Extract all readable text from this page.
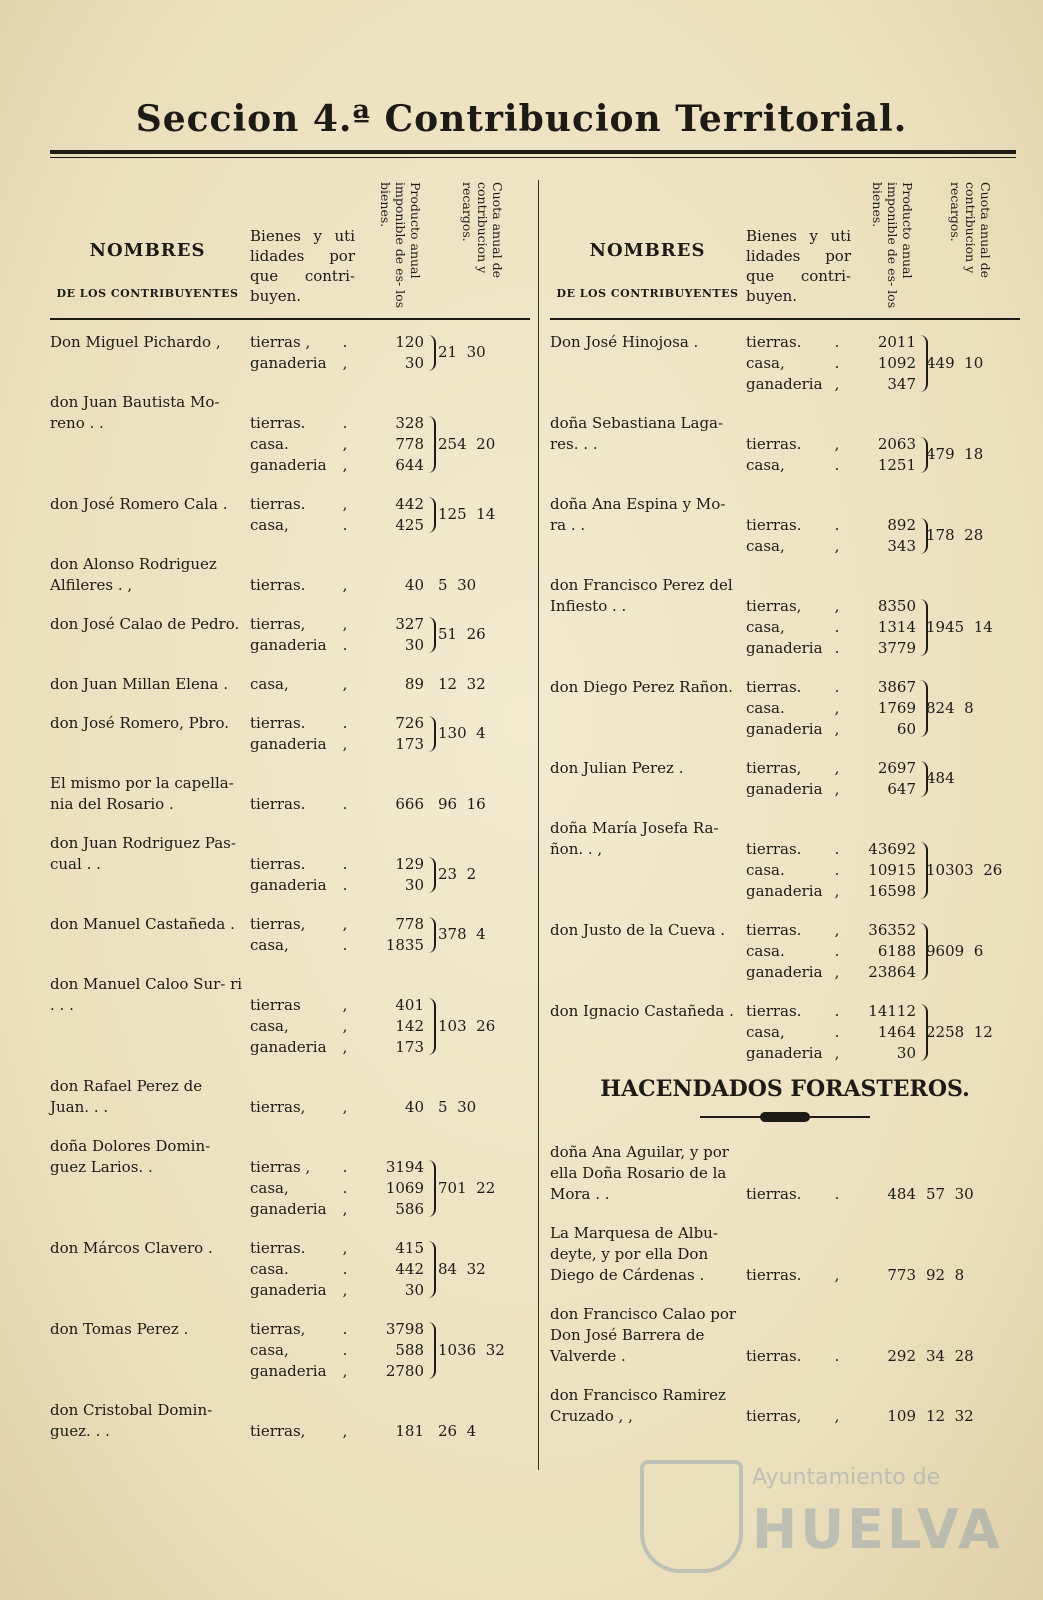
Seccion 4.ª Contribucion Territorial.
NOMBRES
DE LOS CONTRIBUYENTES
Bienes y uti lidades por que contri- buyen.
Producto anual imponible de es- los bienes.	Cuota anual de contribucion y recargos.
Don Miguel Pichardo ,	tierras ,	.	120
ganaderia	,	30
21  30
don Juan Bautista Mo- reno . .	tierras.	.	328
casa.	,	778
ganaderia	,	644
254  20
don José Romero Cala .	tierras.	,	442
casa,	.	425
125  14
don Alonso Rodriguez Alfileres . ,	tierras.	,	40 5  30
don José Calao de Pedro. tierras,	,	327
ganaderia	.	30
51  26
don Juan Millan Elena .	casa,	,	89 12  32
don José Romero, Pbro.	tierras.	.	726
ganaderia	,	173
130  4
El mismo por la capella- nia del Rosario .	tierras.	.	666 96  16
don Juan Rodriguez Pas- cual . .	tierras.	.	129
ganaderia	.	30
23  2
don Manuel Castañeda .	tierras,	,	778
casa,	.	1835
378  4
don Manuel Caloo Sur- ri . . .	tierras	,	401
casa,	,	142
ganaderia	,	173
103  26
don Rafael Perez de Juan. . .	tierras,	,	40 5  30
doña Dolores Domin- guez Larios. .	tierras ,	.	3194
casa,	.	1069
ganaderia	,	586
701  22
don Márcos Clavero .	tierras.	,	415
casa.	.	442
ganaderia	,	30
84  32
don Tomas Perez .	tierras,	.	3798
casa,	.	588
ganaderia	,	2780
1036  32
don Cristobal Domin- guez. . .	tierras,	,	181 26  4
NOMBRES
DE LOS CONTRIBUYENTES
Bienes y uti lidades por que contri- buyen.
Producto anual imponible de es- los bienes.	Cuota anual de contribucion y recargos.
Don José Hinojosa .	tierras.	.	2011
casa,	.	1092
ganaderia ,	347
449  10
doña Sebastiana Laga- res. . .	tierras.	,	2063
casa,	.	1251
479  18
doña Ana Espina y Mo- ra . .	tierras.	.	892
casa,	,	343
178  28
don Francisco Perez del Infiesto . .	tierras,	,	8350
casa,	.	1314
ganaderia .	3779
1945  14
don Diego Perez Rañon. tierras.	.	3867
casa.	,	1769
ganaderia ,	60
824  8
don Julian Perez .	tierras,	,	2697
ganaderia ,	647
484
doña María Josefa Ra- ñon. . ,	tierras.	.	43692
casa.	.	10915
ganaderia ,	16598
10303  26
don Justo de la Cueva .	tierras.	,	36352
casa.	.	6188
ganaderia ,	23864
9609  6
don Ignacio Castañeda . tierras.	.	14112
casa,	.	1464
ganaderia ,	30
2258  12
HACENDADOS FORASTEROS.
doña Ana Aguilar, y por ella Doña Rosario de la Mora . .	tierras.	.	484 57  30
La Marquesa de Albu- deyte, y por ella Don Diego de Cárdenas .	tierras.	,	773 92  8
don Francisco Calao por Don José Barrera de Valverde .	tierras.	.	292 34  28
don Francisco Ramirez Cruzado , ,	tierras,	,	109 12  32
Ayuntamiento de
HUELVA
